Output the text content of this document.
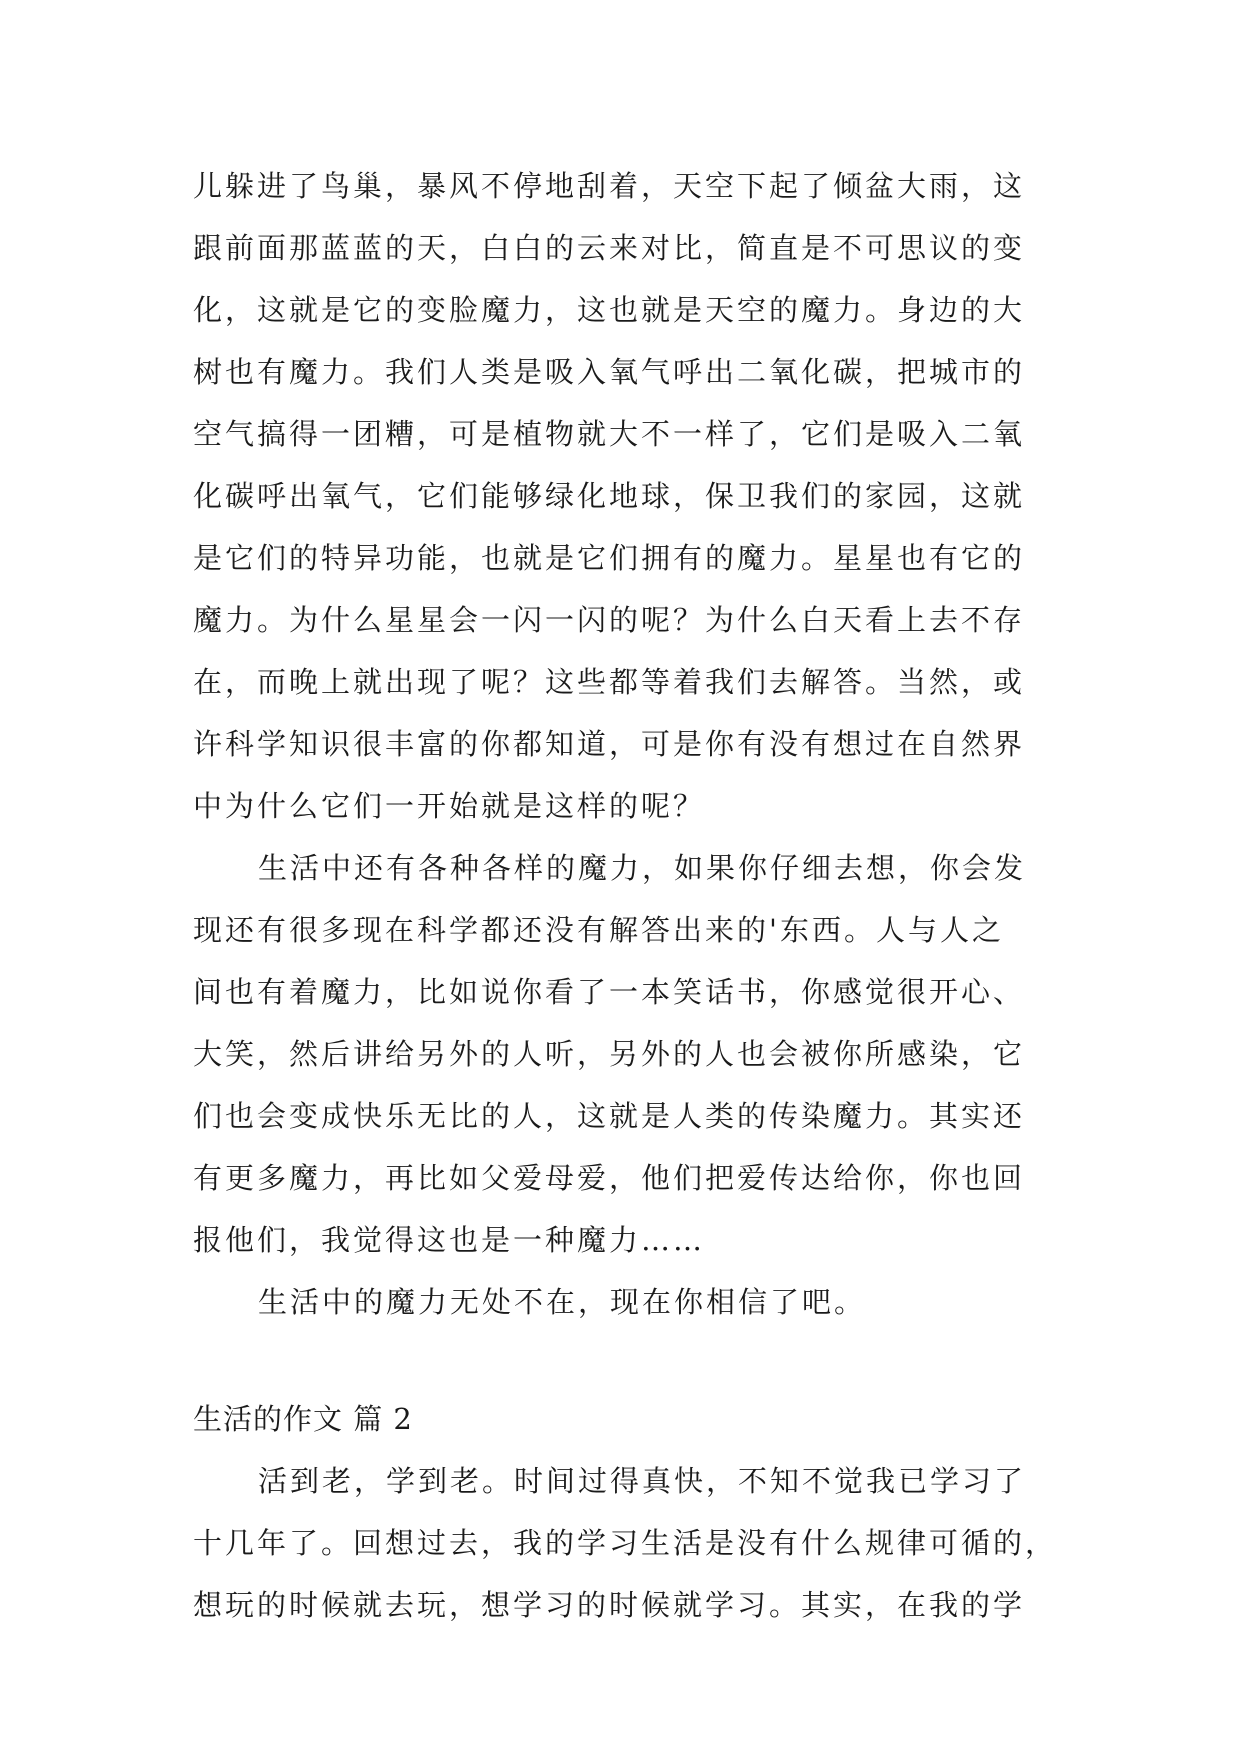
儿躲进了鸟巢，暴风不停地刮着，天空下起了倾盆大雨，这
跟前面那蓝蓝的天，白白的云来对比，简直是不可思议的变
化，这就是它的变脸魔力，这也就是天空的魔力。身边的大
树也有魔力。我们人类是吸入氧气呼出二氧化碳，把城市的
空气搞得一团糟，可是植物就大不一样了，它们是吸入二氧
化碳呼出氧气，它们能够绿化地球，保卫我们的家园，这就
是它们的特异功能，也就是它们拥有的魔力。星星也有它的
魔力。为什么星星会一闪一闪的呢？为什么白天看上去不存
在，而晚上就出现了呢？这些都等着我们去解答。当然，或
许科学知识很丰富的你都知道，可是你有没有想过在自然界
中为什么它们一开始就是这样的呢？
生活中还有各种各样的魔力，如果你仔细去想，你会发
现还有很多现在科学都还没有解答出来的'东西。人与人之
间也有着魔力，比如说你看了一本笑话书，你感觉很开心、
大笑，然后讲给另外的人听，另外的人也会被你所感染，它
们也会变成快乐无比的人，这就是人类的传染魔力。其实还
有更多魔力，再比如父爱母爱，他们把爱传达给你，你也回
报他们，我觉得这也是一种魔力……
生活中的魔力无处不在，现在你相信了吧。
生活的作文 篇 2
活到老，学到老。时间过得真快，不知不觉我已学习了
十几年了。回想过去，我的学习生活是没有什么规律可循的，
想玩的时候就去玩，想学习的时候就学习。其实，在我的学
